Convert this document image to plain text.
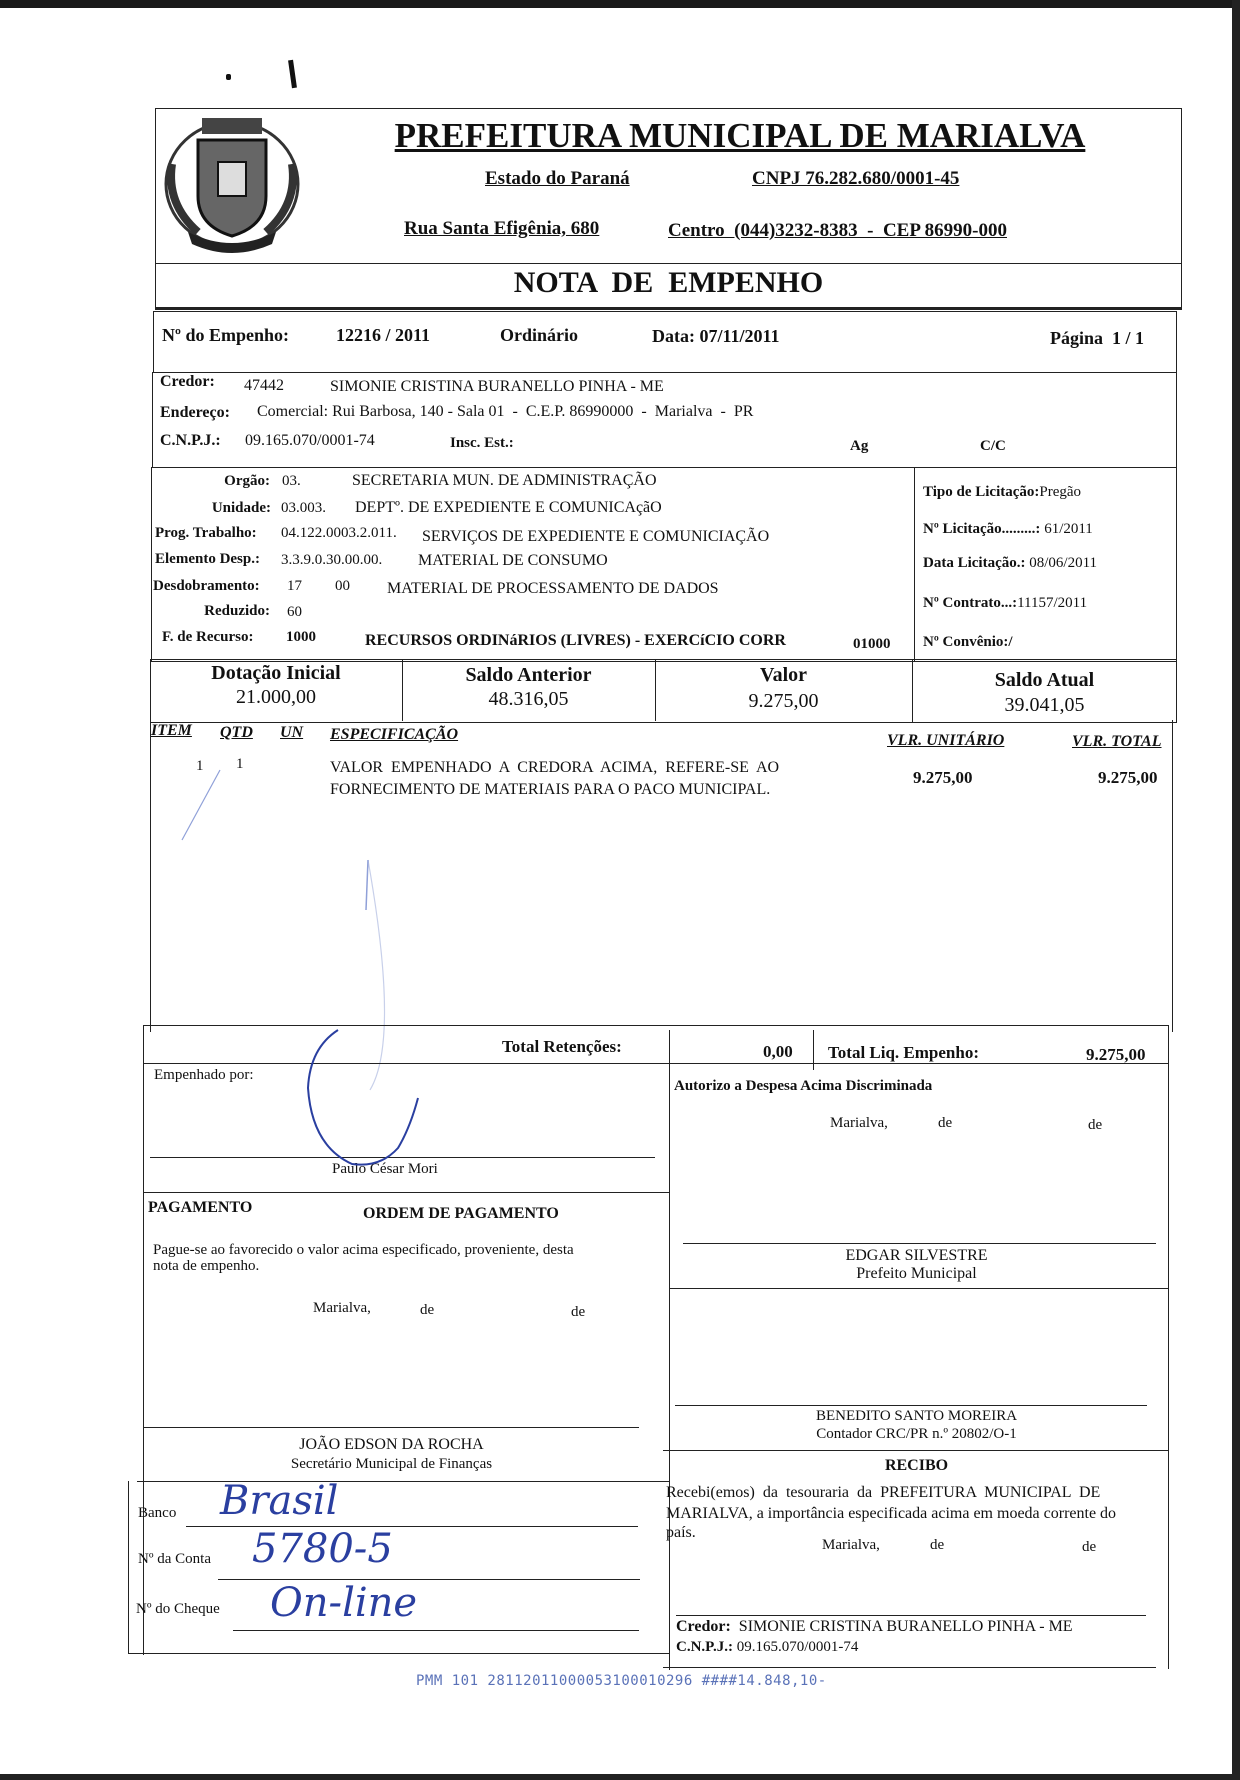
PREFEITURA MUNICIPAL DE MARIALVA
Estado do Paraná	CNPJ 76.282.680/0001-45
Rua Santa Efigênia, 680	Centro  (044)3232-8383  -  CEP 86990-000
NOTA  DE  EMPENHO
Nº do Empenho:	12216 / 2011	Ordinário	Data: 07/11/2011	Página  1 / 1
Credor: 47442	SIMONIE CRISTINA BURANELLO PINHA - ME
Endereço: Comercial: Rui Barbosa, 140 - Sala 01  -  C.E.P. 86990000  -  Marialva  -  PR
C.N.P.J.: 09.165.070/0001-74	Insc. Est.:	Ag	C/C
Orgão: 03.	SECRETARIA MUN. DE ADMINISTRAÇÃO
Unidade: 03.003. DEPTº. DE EXPEDIENTE E COMUNICAçãO
Prog. Trabalho: 04.122.0003.2.011. SERVIÇOS DE EXPEDIENTE E COMUNICIAÇÃO
Elemento Desp.: 3.3.9.0.30.00.00. MATERIAL DE CONSUMO
Desdobramento: 17 00 MATERIAL DE PROCESSAMENTO DE DADOS
Reduzido: 60
F. de Recurso: 1000	RECURSOS ORDINáRIOS (LIVRES) - EXERCíCIO CORR	01000
Tipo de Licitação:Pregão
Nº Licitação.........: 61/2011
Data Licitação.: 08/06/2011
Nº Contrato...:11157/2011
Nº Convênio:/
Dotação Inicial
21.000,00
Saldo Anterior
48.316,05
Valor
9.275,00
Saldo Atual
39.041,05
ITEM QTD UN ESPECIFICAÇÃO	VLR. UNITÁRIO	VLR. TOTAL
1 1	VALOR  EMPENHADO  A  CREDORA  ACIMA,  REFERE-SE  AO
FORNECIMENTO DE MATERIAIS PARA O PACO MUNICIPAL.
9.275,00	9.275,00
Total Retenções:	0,00 Total Liq. Empenho:	9.275,00
Empenhado por:
Paulo César Mori
Autorizo a Despesa Acima Discriminada
Marialva,	de	de
EDGAR SILVESTRE
Prefeito Municipal
PAGAMENTO	ORDEM DE PAGAMENTO
Pague-se ao favorecido o valor acima especificado, proveniente, desta
nota de empenho.
Marialva,	de	de
JOÃO EDSON DA ROCHA
Secretário Municipal de Finanças
BENEDITO SANTO MOREIRA
Contador CRC/PR n.º 20802/O-1
Banco Brasil
Nº da Conta 5780-5
Nº do Cheque On-line
RECIBO
Recebi(emos)  da  tesouraria  da  PREFEITURA  MUNICIPAL  DE
MARIALVA, a importância especificada acima em moeda corrente do
país.
Marialva,	de	de
Credor: SIMONIE CRISTINA BURANELLO PINHA - ME
C.N.P.J.: 09.165.070/0001-74
PMM 101 28112011000053100010296 ####14.848,10-
